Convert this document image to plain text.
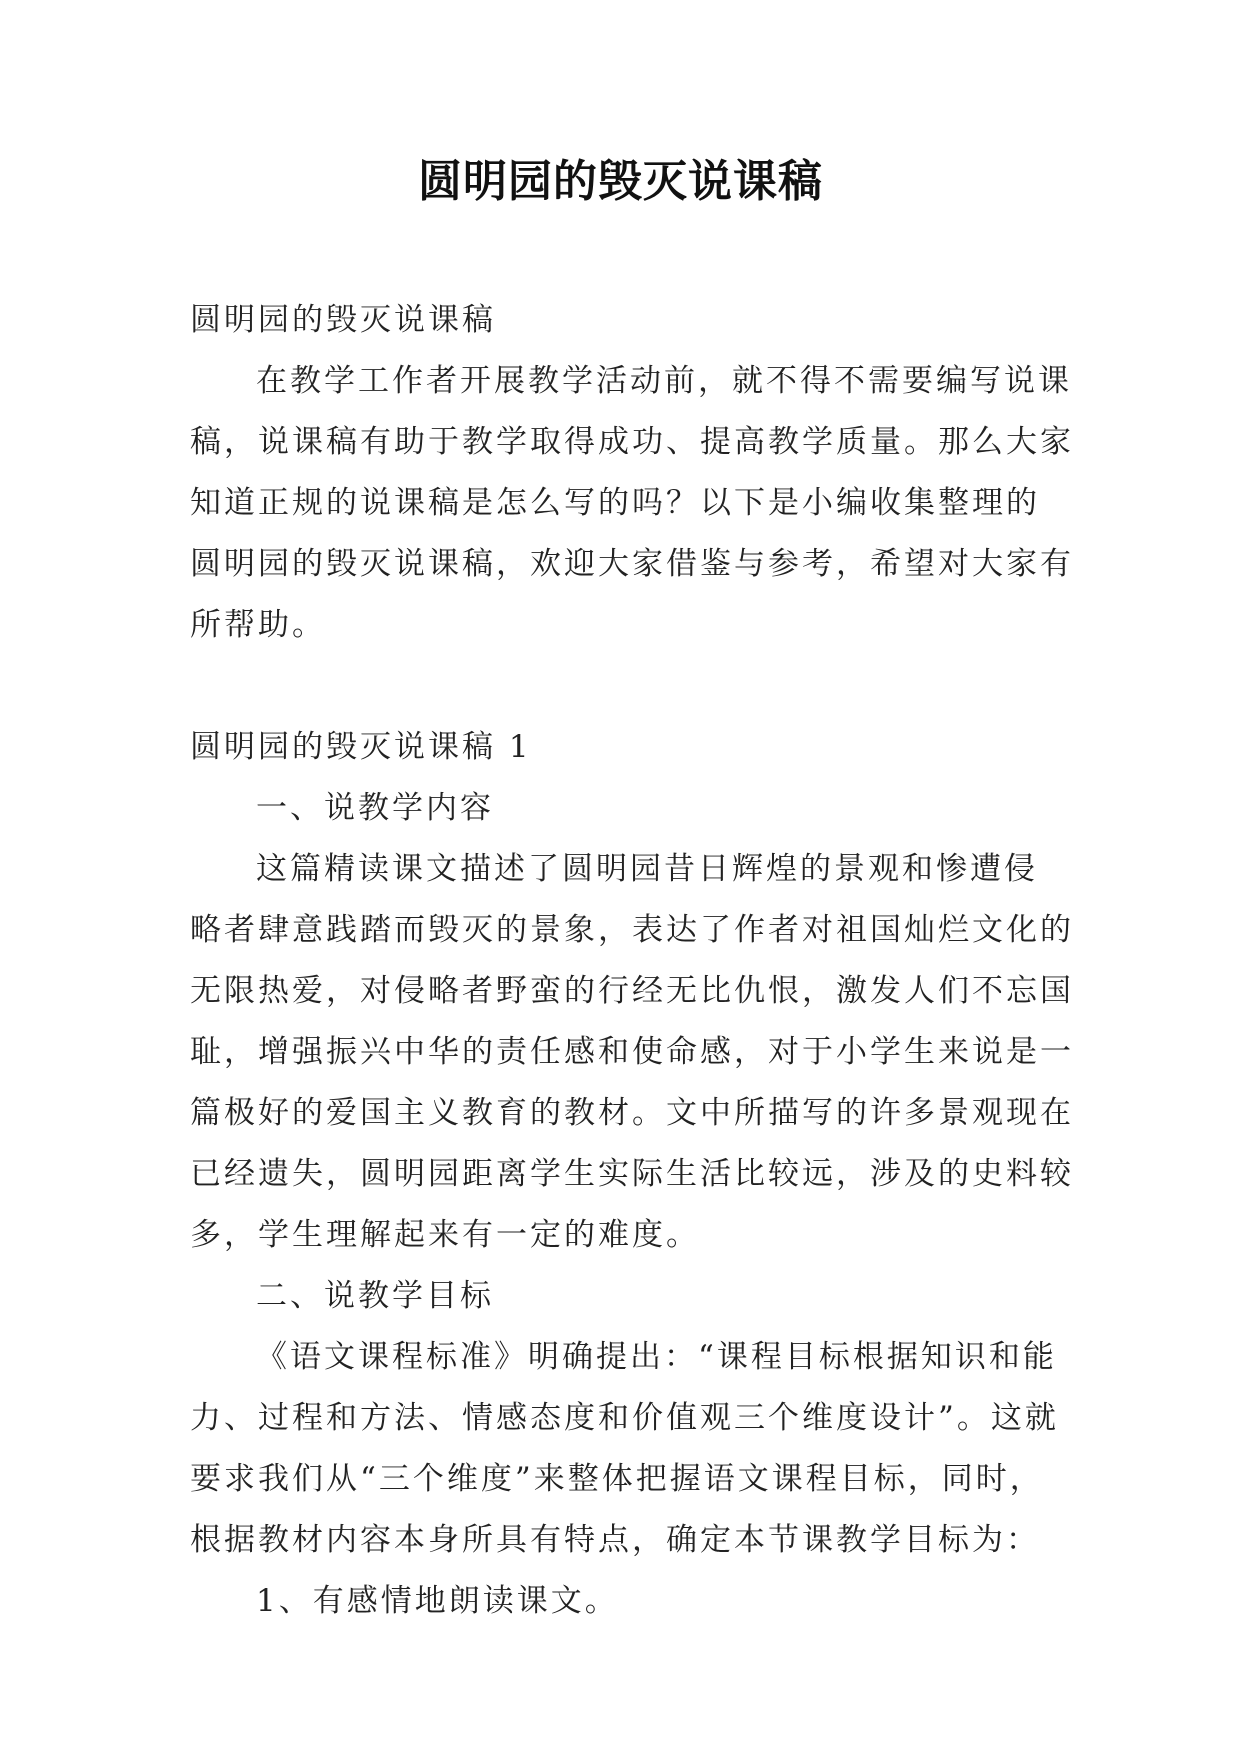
圆明园的毁灭说课稿
圆明园的毁灭说课稿
在教学工作者开展教学活动前，就不得不需要编写说课
稿，说课稿有助于教学取得成功、提高教学质量。那么大家
知道正规的说课稿是怎么写的吗？以下是小编收集整理的
圆明园的毁灭说课稿，欢迎大家借鉴与参考，希望对大家有
所帮助。
圆明园的毁灭说课稿 1
一、说教学内容
这篇精读课文描述了圆明园昔日辉煌的景观和惨遭侵
略者肆意践踏而毁灭的景象，表达了作者对祖国灿烂文化的
无限热爱，对侵略者野蛮的行经无比仇恨，激发人们不忘国
耻，增强振兴中华的责任感和使命感，对于小学生来说是一
篇极好的爱国主义教育的教材。文中所描写的许多景观现在
已经遗失，圆明园距离学生实际生活比较远，涉及的史料较
多，学生理解起来有一定的难度。
二、说教学目标
《语文课程标准》明确提出：“课程目标根据知识和能
力、过程和方法、情感态度和价值观三个维度设计”。这就
要求我们从“三个维度”来整体把握语文课程目标，同时，
根据教材内容本身所具有特点，确定本节课教学目标为：
1、有感情地朗读课文。
